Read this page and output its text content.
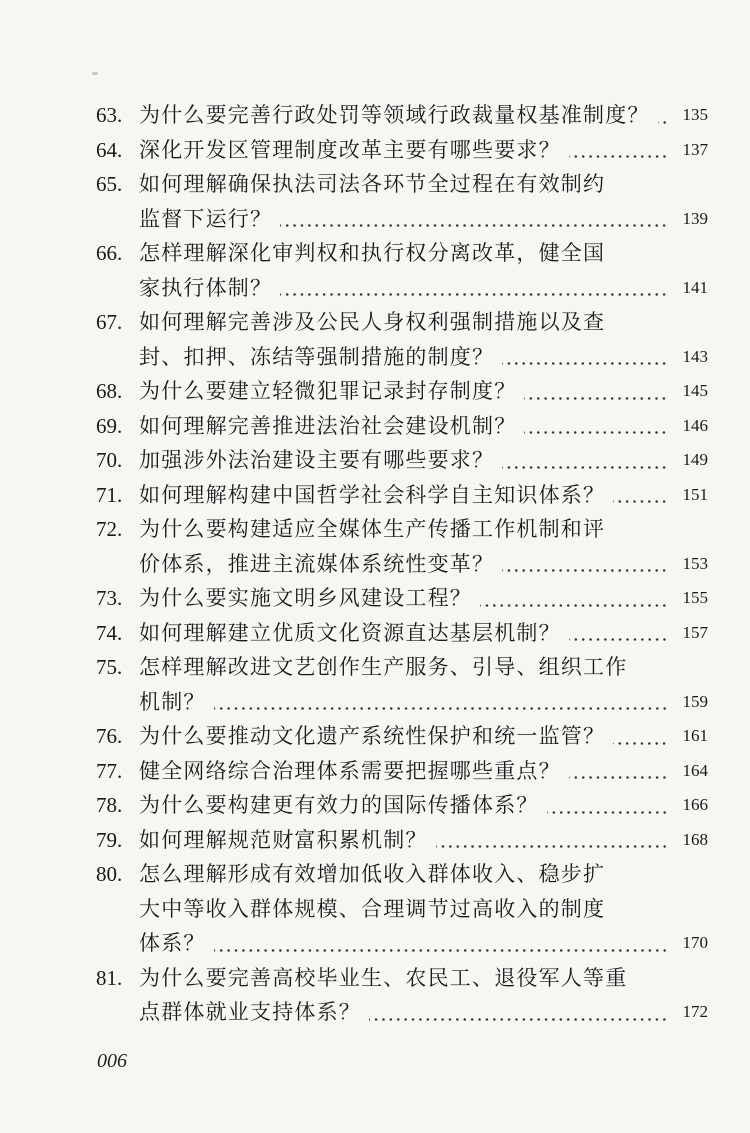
63. 为什么要完善行政处罚等领域行政裁量权基准制度？	135
64. 深化开发区管理制度改革主要有哪些要求？	137
65. 如何理解确保执法司法各环节全过程在有效制约
监督下运行？	139
66. 怎样理解深化审判权和执行权分离改革，健全国
家执行体制？	141
67. 如何理解完善涉及公民人身权利强制措施以及查
封、扣押、冻结等强制措施的制度？	143
68. 为什么要建立轻微犯罪记录封存制度？	145
69. 如何理解完善推进法治社会建设机制？	146
70. 加强涉外法治建设主要有哪些要求？	149
71. 如何理解构建中国哲学社会科学自主知识体系？	151
72. 为什么要构建适应全媒体生产传播工作机制和评
价体系，推进主流媒体系统性变革？	153
73. 为什么要实施文明乡风建设工程？	155
74. 如何理解建立优质文化资源直达基层机制？	157
75. 怎样理解改进文艺创作生产服务、引导、组织工作
机制？	159
76. 为什么要推动文化遗产系统性保护和统一监管？	161
77. 健全网络综合治理体系需要把握哪些重点？	164
78. 为什么要构建更有效力的国际传播体系？	166
79. 如何理解规范财富积累机制？	168
80. 怎么理解形成有效增加低收入群体收入、稳步扩
大中等收入群体规模、合理调节过高收入的制度
体系？	170
81. 为什么要完善高校毕业生、农民工、退役军人等重
点群体就业支持体系？	172
006
